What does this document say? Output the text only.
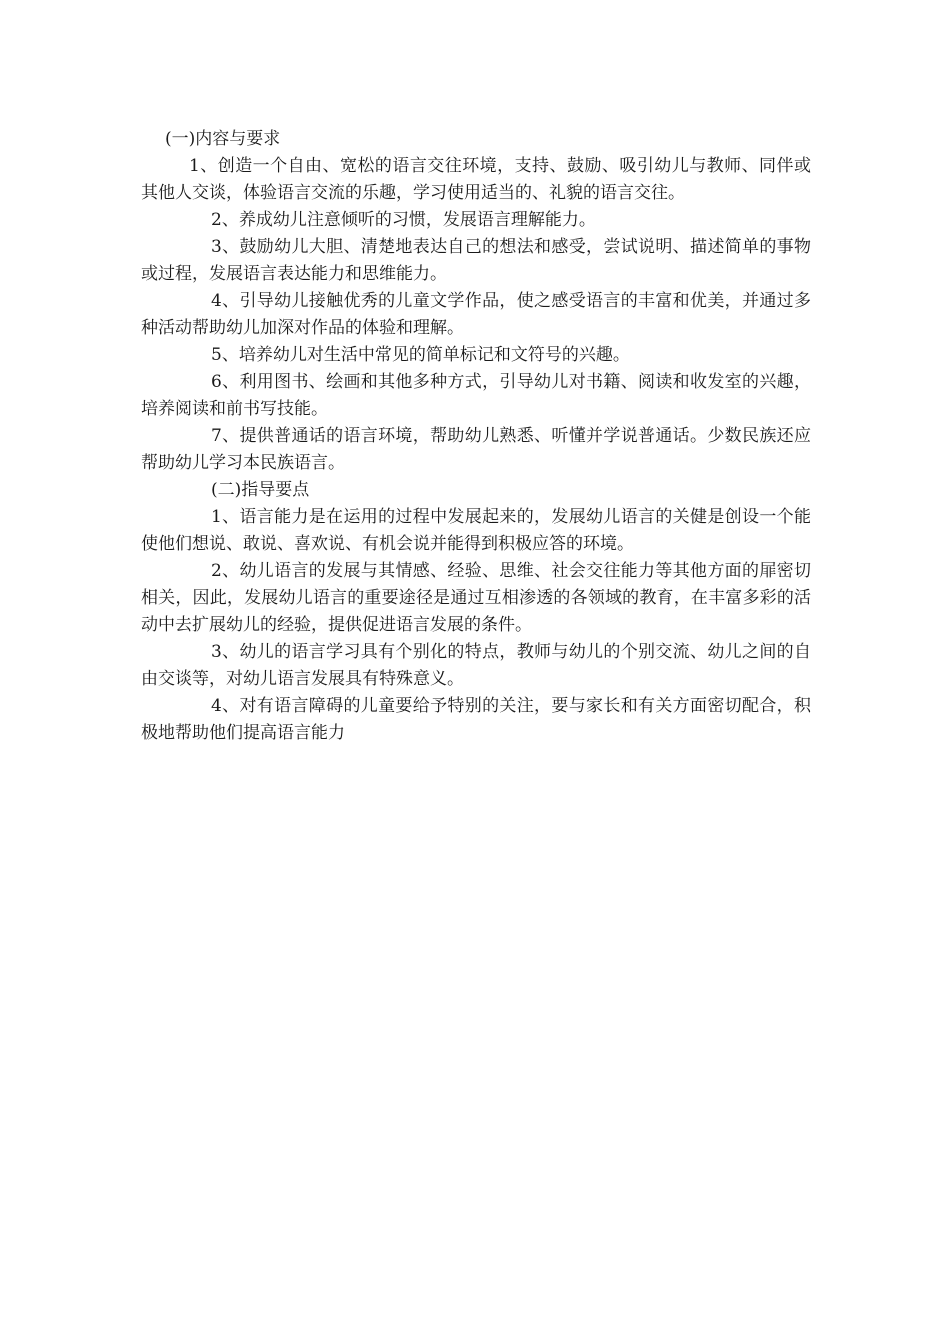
(一)内容与要求

1、创造一个自由、宽松的语言交往环境，支持、鼓励、吸引幼儿与教师、同伴或其他人交谈，体验语言交流的乐趣，学习使用适当的、礼貌的语言交往。

2、养成幼儿注意倾听的习惯，发展语言理解能力。

3、鼓励幼儿大胆、清楚地表达自己的想法和感受，尝试说明、描述简单的事物或过程，发展语言表达能力和思维能力。

4、引导幼儿接触优秀的儿童文学作品，使之感受语言的丰富和优美，并通过多种活动帮助幼儿加深对作品的体验和理解。

5、培养幼儿对生活中常见的简单标记和文符号的兴趣。

6、利用图书、绘画和其他多种方式，引导幼儿对书籍、阅读和收发室的兴趣，培养阅读和前书写技能。

7、提供普通话的语言环境，帮助幼儿熟悉、听懂并学说普通话。少数民族还应帮助幼儿学习本民族语言。

(二)指导要点

1、语言能力是在运用的过程中发展起来的，发展幼儿语言的关健是创设一个能使他们想说、敢说、喜欢说、有机会说并能得到积极应答的环境。

2、幼儿语言的发展与其情感、经验、思维、社会交往能力等其他方面的屝密切相关，因此，发展幼儿语言的重要途径是通过互相渗透的各领域的教育，在丰富多彩的活动中去扩展幼儿的经验，提供促进语言发展的条件。

3、幼儿的语言学习具有个别化的特点，教师与幼儿的个别交流、幼儿之间的自由交谈等，对幼儿语言发展具有特殊意义。

4、对有语言障碍的儿童要给予特别的关注，要与家长和有关方面密切配合，积极地帮助他们提高语言能力
